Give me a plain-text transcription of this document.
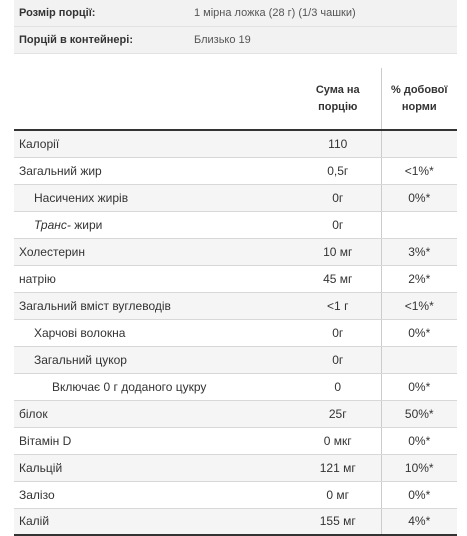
Розмір порції:	1 мірна ложка (28 г) (1/3 чашки)
Порцій в контейнері:	Близько 19
	Сума на
порцію	% добової
норми
Калорії	110	
Загальний жир	0,5г	<1%*
Насичених жирів	0г	0%*
Транс- жири	0г	
Холестерин	10 мг	3%*
натрію	45 мг	2%*
Загальний вміст вуглеводів	<1 г	<1%*
Харчові волокна	0г	0%*
Загальний цукор	0г	
Включає 0 г доданого цукру	0	0%*
білок	25г	50%*
Вітамін D	0 мкг	0%*
Кальцій	121 мг	10%*
Залізо	0 мг	0%*
Калій	155 мг	4%*
